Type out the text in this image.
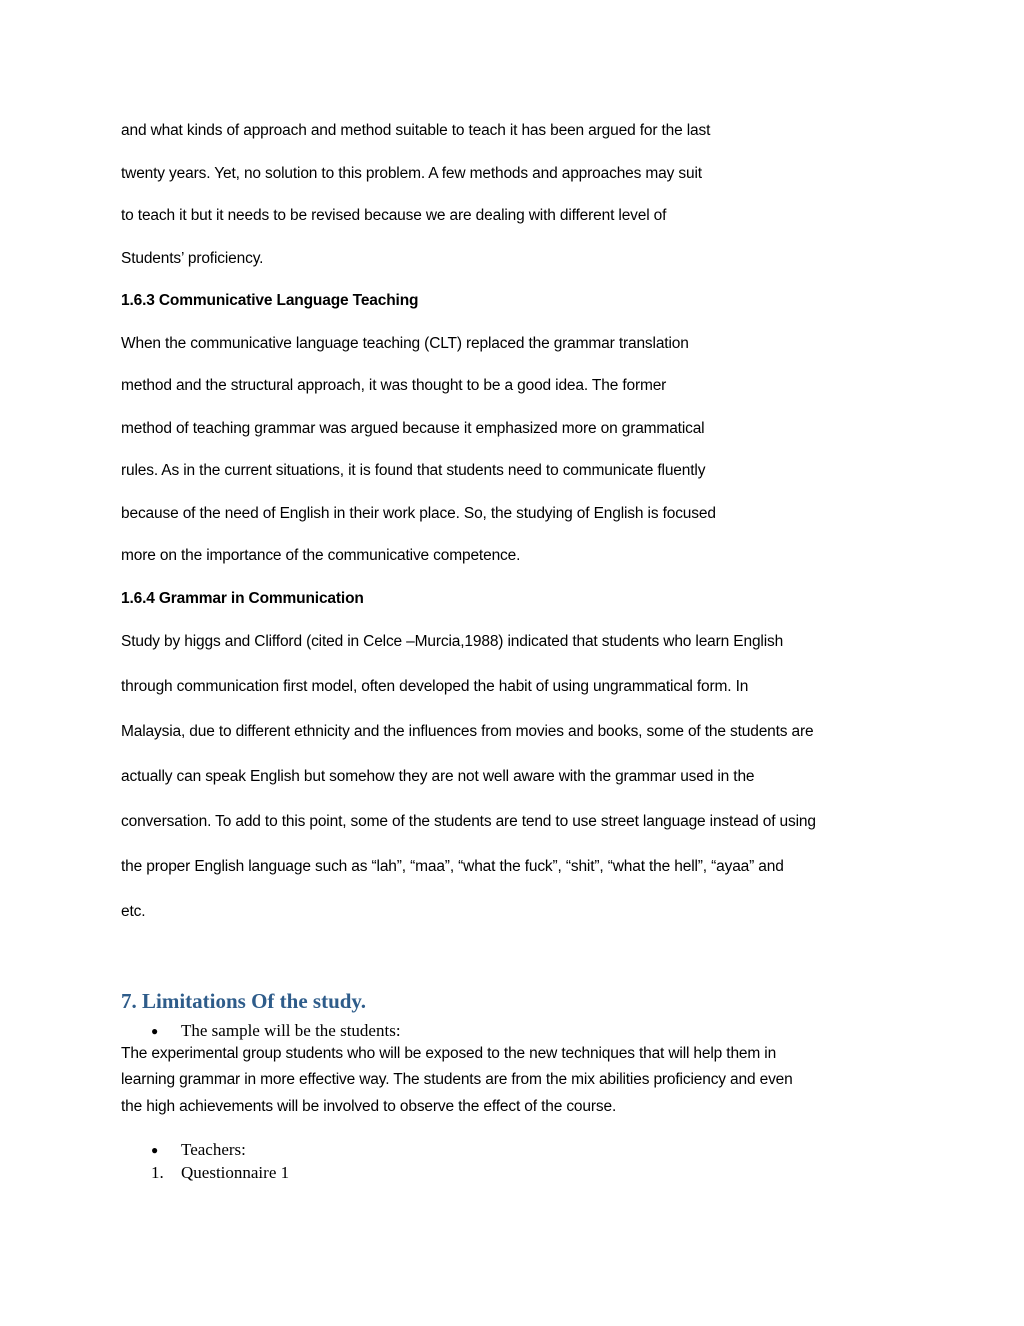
and what kinds of approach and method suitable to teach it has been argued for the last
twenty years. Yet, no solution to this problem. A few methods and approaches may suit
to teach it but it needs to be revised because we are dealing with different level of
Students’ proficiency.
1.6.3 Communicative Language Teaching
When the communicative language teaching (CLT) replaced the grammar translation
method and the structural approach, it was thought to be a good idea. The former
method of teaching grammar was argued because it emphasized more on grammatical
rules. As in the current situations, it is found that students need to communicate fluently
because of the need of English in their work place. So, the studying of English is focused
more on the importance of the communicative competence.
1.6.4 Grammar in Communication
Study by higgs and Clifford (cited in Celce –Murcia,1988) indicated that students who learn English
through communication first model, often developed the habit of using ungrammatical form. In
Malaysia, due to different ethnicity and the influences from movies and books, some of the students are
actually can speak English but somehow they are not well aware with the grammar used in the
conversation. To add to this point, some of the students are tend to use street language instead of using
the proper English language such as “lah”, “maa”, “what the fuck”, “shit”, “what the hell”, “ayaa” and
etc.
7. Limitations Of the study.
● The sample will be the students:
The experimental group students who will be exposed to the new techniques that will help them in
learning grammar in more effective way. The students are from the mix abilities proficiency and even
the high achievements will be involved to observe the effect of the course.
● Teachers:
1. Questionnaire 1
